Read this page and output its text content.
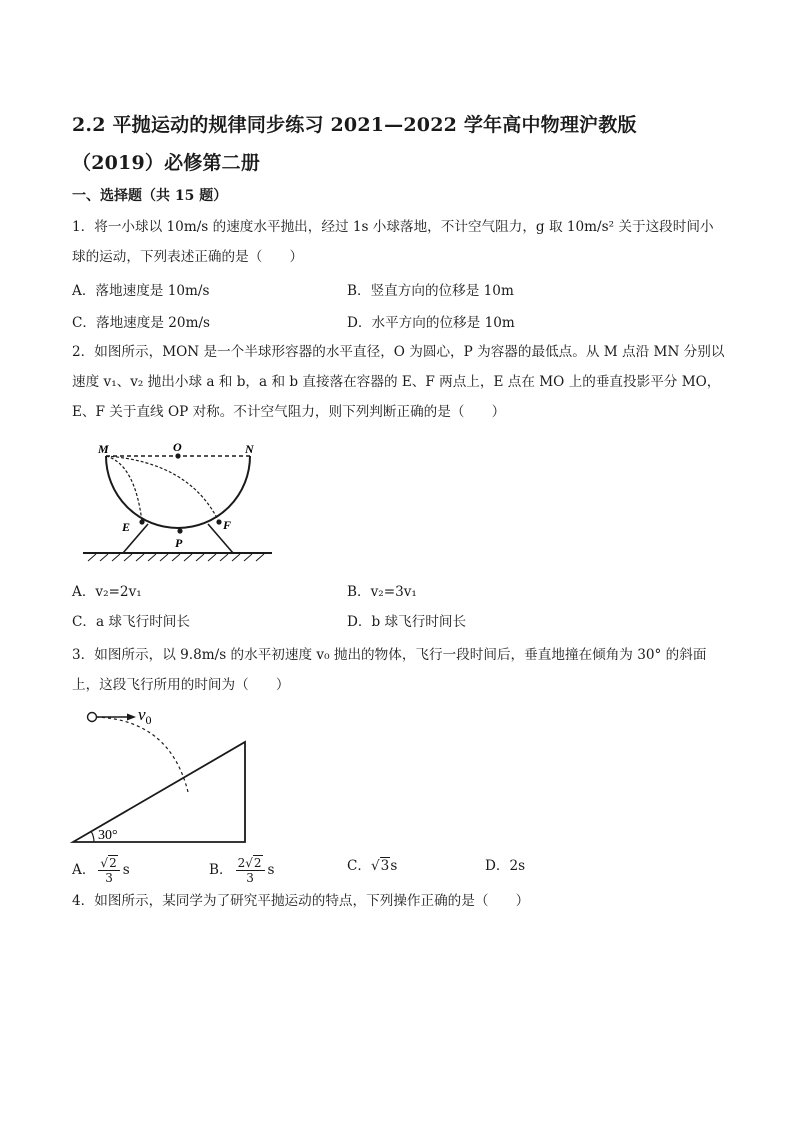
2.2 平抛运动的规律同步练习 2021—2022 学年高中物理沪教版
（2019）必修第二册
一、选择题（共 15 题）
1．将一小球以 10m/s 的速度水平抛出，经过 1s 小球落地，不计空气阻力，g 取 10m/s² 关于这段时间小球的运动，下列表述正确的是（　　）
A．落地速度是 10m/s	B．竖直方向的位移是 10m
C．落地速度是 20m/s	D．水平方向的位移是 10m
2．如图所示，MON 是一个半球形容器的水平直径，O 为圆心，P 为容器的最低点。从 M 点沿 MN 分别以速度 v₁、v₂ 抛出小球 a 和 b，a 和 b 直接落在容器的 E、F 两点上，E 点在 MO 上的垂直投影平分 MO，E、F 关于直线 OP 对称。不计空气阻力，则下列判断正确的是（　　）
M	O	N
E
P
F
A．v₂=2v₁	B．v₂=3v₁
C．a 球飞行时间长	D．b 球飞行时间长
3．如图所示，以 9.8m/s 的水平初速度 v₀ 抛出的物体，飞行一段时间后，垂直地撞在倾角为 30° 的斜面上，这段飞行所用的时间为（　　）
$v_0$
30°
A． $\frac{√2}{3}$ s	B． $\frac{2√2}{3}$ s	C．√3s	D．2s
4．如图所示，某同学为了研究平抛运动的特点，下列操作正确的是（　　）
